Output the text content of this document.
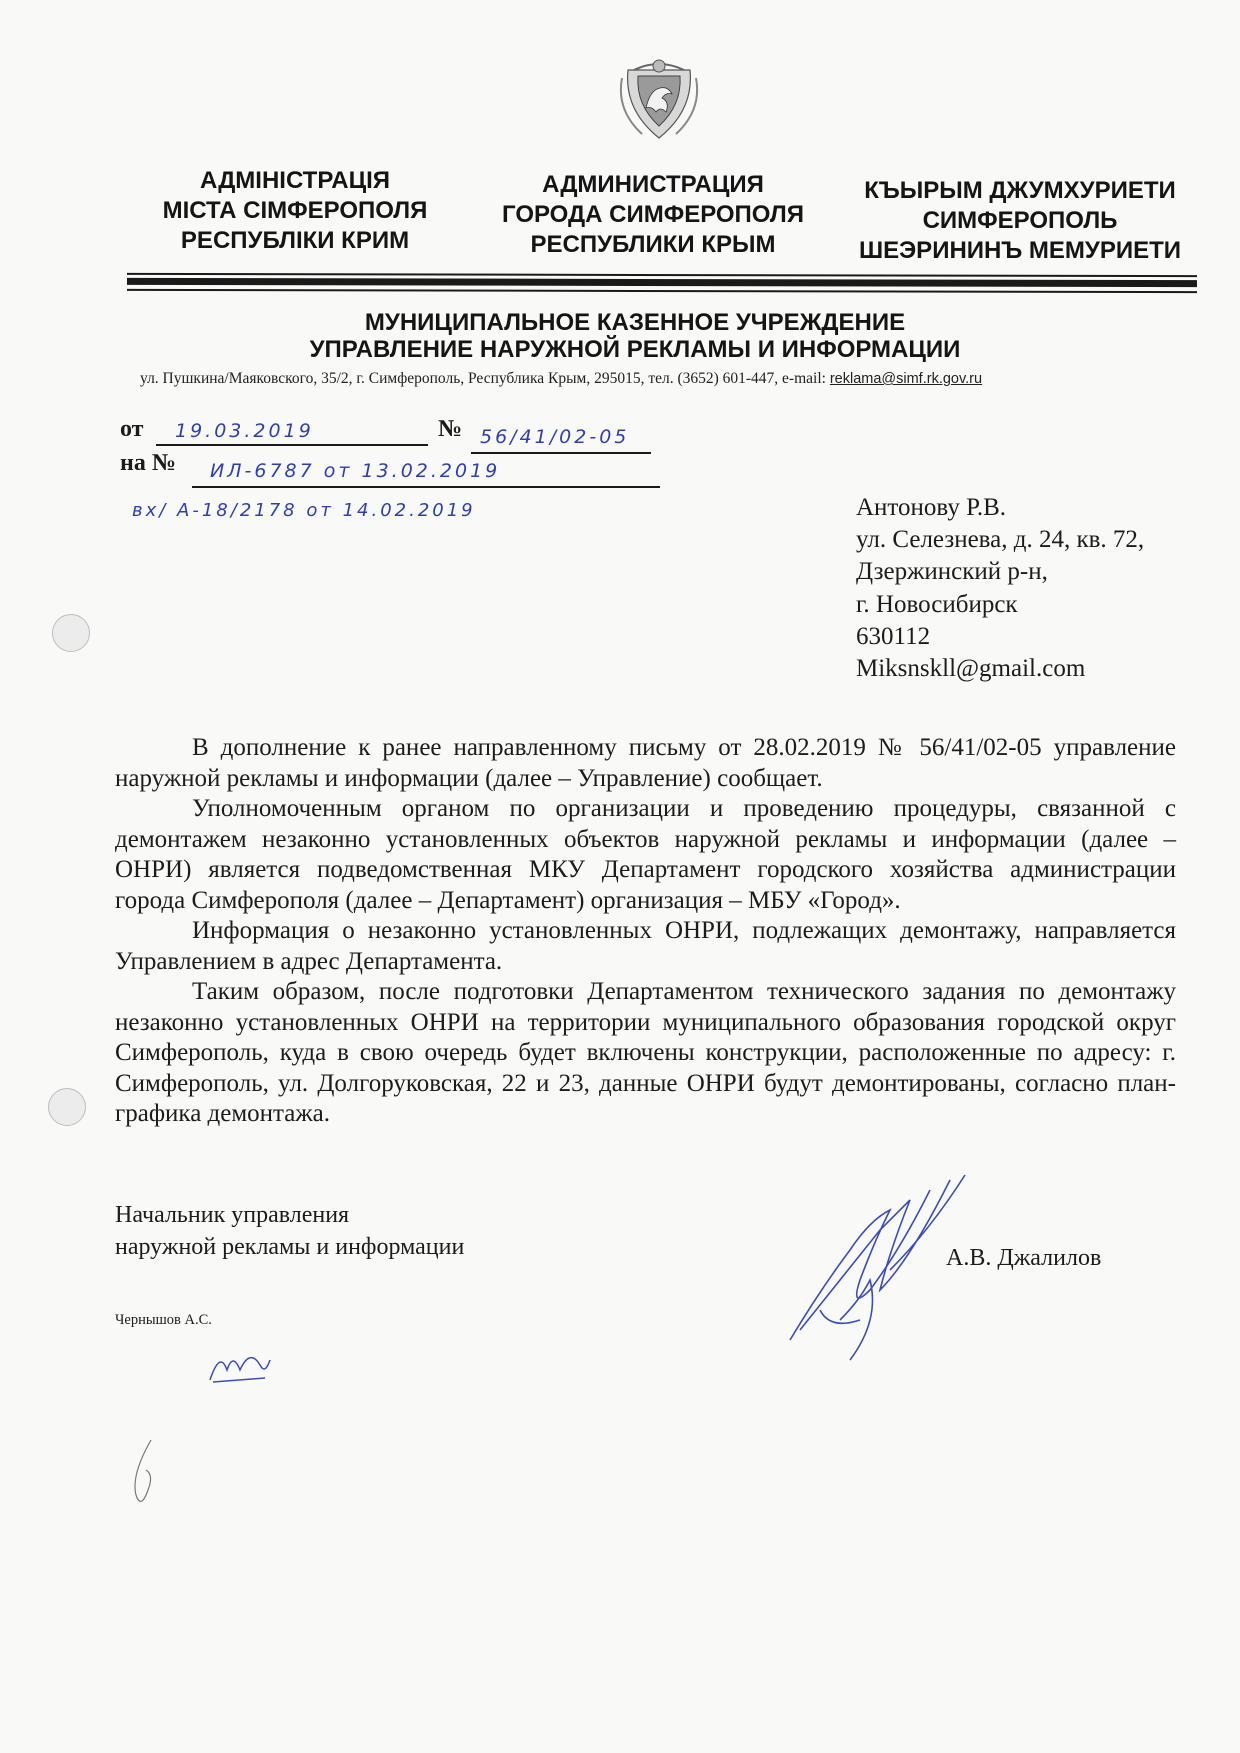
АДМІНІСТРАЦІЯ
МІСТА СІМФЕРОПОЛЯ
РЕСПУБЛІКИ КРИМ
АДМИНИСТРАЦИЯ
ГОРОДА СИМФЕРОПОЛЯ
РЕСПУБЛИКИ КРЫМ
КЪЫРЫМ ДЖУМХУРИЕТИ
СИМФЕРОПОЛЬ
ШЕЭРИНИНЪ МЕМУРИЕТИ
МУНИЦИПАЛЬНОЕ КАЗЕННОЕ УЧРЕЖДЕНИЕ
УПРАВЛЕНИЕ НАРУЖНОЙ РЕКЛАМЫ И ИНФОРМАЦИИ
ул. Пушкина/Маяковского, 35/2, г. Симферополь, Республика Крым, 295015, тел. (3652) 601-447, e-mail: reklama@simf.rk.gov.ru
от 19.03.2019	№ 56/41/02-05
на № ИЛ-6787 от 13.02.2019
вх/ А-18/2178 от 14.02.2019	Антонову Р.В.
ул. Селезнева, д. 24, кв. 72,
Дзержинский р-н,
г. Новосибирск
630112
Miksnskll@gmail.com

В дополнение к ранее направленному письму от 28.02.2019 № 56/41/02-05 управление наружной рекламы и информации (далее – Управление) сообщает.

Уполномоченным органом по организации и проведению процедуры, связанной с демонтажем незаконно установленных объектов наружной рекламы и информации (далее – ОНРИ) является подведомственная МКУ Департамент городского хозяйства администрации города Симферополя (далее – Департамент) организация – МБУ «Город».

Информация о незаконно установленных ОНРИ, подлежащих демонтажу, направляется Управлением в адрес Департамента.

Таким образом, после подготовки Департаментом технического задания по демонтажу незаконно установленных ОНРИ на территории муниципального образования городской округ Симферополь, куда в свою очередь будет включены конструкции, расположенные по адресу: г. Симферополь, ул. Долгоруковская, 22 и 23, данные ОНРИ будут демонтированы, согласно план-графика демонтажа.

Начальник управления
наружной рекламы и информации	А.В. Джалилов
Чернышов А.С.
